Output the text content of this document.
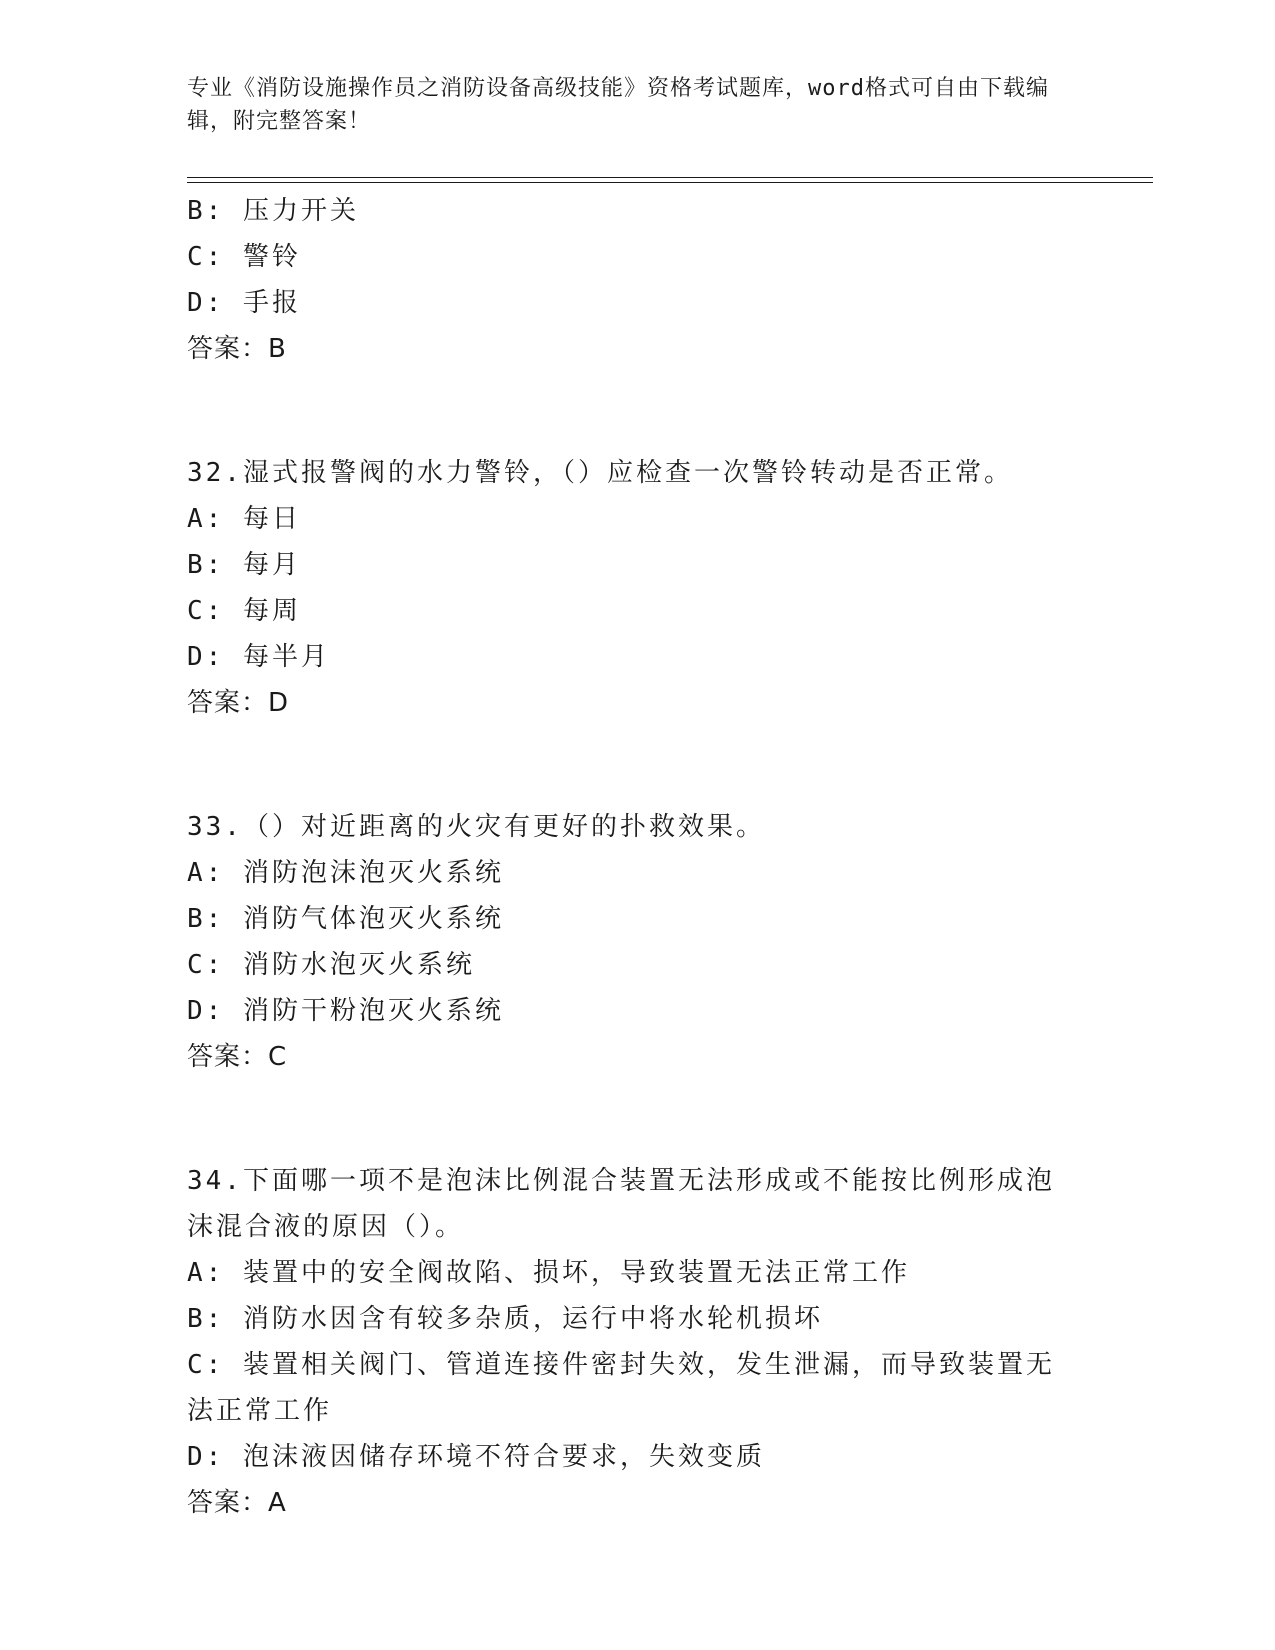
专业《消防设施操作员之消防设备高级技能》资格考试题库，word格式可自由下载编辑，附完整答案！
B: 压力开关
C: 警铃
D: 手报
答案：B
32.湿式报警阀的水力警铃，（）应检查一次警铃转动是否正常。
A: 每日
B: 每月
C: 每周
D: 每半月
答案：D
33.（）对近距离的火灾有更好的扑救效果。
A: 消防泡沫泡灭火系统
B: 消防气体泡灭火系统
C: 消防水泡灭火系统
D: 消防干粉泡灭火系统
答案：C
34.下面哪一项不是泡沫比例混合装置无法形成或不能按比例形成泡沫混合液的原因（）。
A: 装置中的安全阀故陷、损坏，导致装置无法正常工作
B: 消防水因含有较多杂质，运行中将水轮机损坏
C: 装置相关阀门、管道连接件密封失效，发生泄漏，而导致装置无法正常工作
D: 泡沫液因储存环境不符合要求，失效变质
答案：A
